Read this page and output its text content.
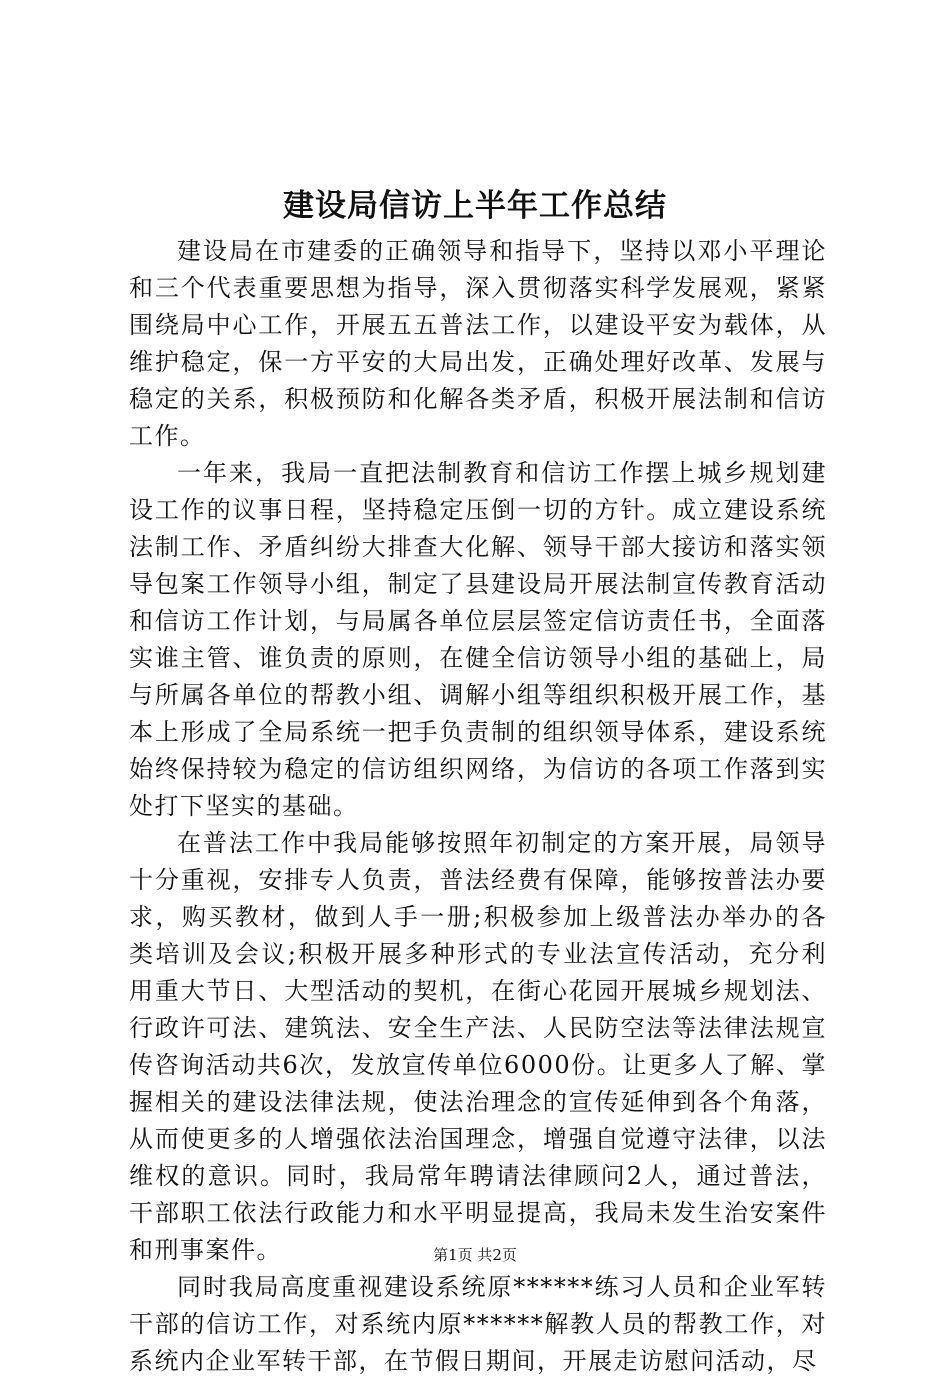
建设局信访上半年工作总结

建设局在市建委的正确领导和指导下，坚持以邓小平理论和三个代表重要思想为指导，深入贯彻落实科学发展观，紧紧围绕局中心工作，开展五五普法工作，以建设平安为载体，从维护稳定，保一方平安的大局出发，正确处理好改革、发展与稳定的关系，积极预防和化解各类矛盾，积极开展法制和信访工作。

一年来，我局一直把法制教育和信访工作摆上城乡规划建设工作的议事日程，坚持稳定压倒一切的方针。成立建设系统法制工作、矛盾纠纷大排查大化解、领导干部大接访和落实领导包案工作领导小组，制定了县建设局开展法制宣传教育活动和信访工作计划，与局属各单位层层签定信访责任书，全面落实谁主管、谁负责的原则，在健全信访领导小组的基础上，局与所属各单位的帮教小组、调解小组等组织积极开展工作，基本上形成了全局系统一把手负责制的组织领导体系，建设系统始终保持较为稳定的信访组织网络，为信访的各项工作落到实处打下坚实的基础。

在普法工作中我局能够按照年初制定的方案开展，局领导十分重视，安排专人负责，普法经费有保障，能够按普法办要求，购买教材，做到人手一册;积极参加上级普法办举办的各类培训及会议;积极开展多种形式的专业法宣传活动，充分利用重大节日、大型活动的契机，在街心花园开展城乡规划法、行政许可法、建筑法、安全生产法、人民防空法等法律法规宣传咨询活动共6次，发放宣传单位6000份。让更多人了解、掌握相关的建设法律法规，使法治理念的宣传延伸到各个角落，从而使更多的人增强依法治国理念，增强自觉遵守法律，以法维权的意识。同时，我局常年聘请法律顾问2人，通过普法，干部职工依法行政能力和水平明显提高，我局未发生治安案件和刑事案件。

同时我局高度重视建设系统原******练习人员和企业军转干部的信访工作，对系统内原******解教人员的帮教工作，对系统内企业军转干部，在节假日期间，开展走访慰问活动，尽

第1页 共2页
